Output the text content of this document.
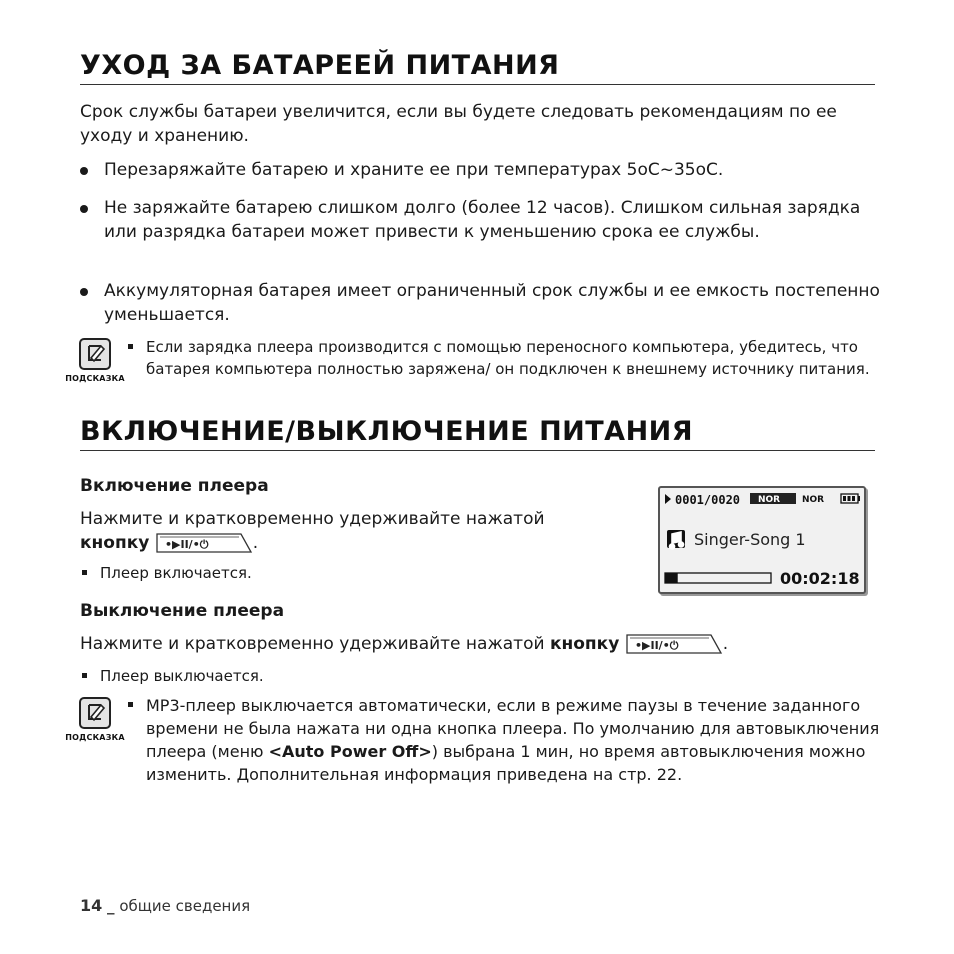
УХОД ЗА БАТАРЕЕЙ ПИТАНИЯ
Срок службы батареи увеличится, если вы будете следовать рекомендациям по ее уходу и хранению.
Перезаряжайте батарею и храните ее при температурах 5oC~35oC.
Не заряжайте батарею слишком долго (более 12 часов). Слишком сильная зарядка или разрядка батареи может привести к уменьшению срока ее службы.
Аккумуляторная батарея имеет ограниченный срок службы и ее емкость постепенно уменьшается.
ПОДСКАЗКА
Если зарядка плеера производится с помощью переносного компьютера, убедитесь, что батарея компьютера полностью заряжена/ он подключен к внешнему источнику питания.
ВКЛЮЧЕНИЕ/ВЫКЛЮЧЕНИЕ ПИТАНИЯ
Включение плеера
Нажмите и кратковременно удерживайте нажатой
кнопку •▶II/•⏻	.
Плеер включается.
0001/0020 NOR NOR
Singer-Song 1
00:02:18
Выключение плеера
Нажмите и кратковременно удерживайте нажатой кнопку •▶II/•⏻	.
Плеер выключается.
ПОДСКАЗКА
MP3-плеер выключается автоматически, если в режиме паузы в течение заданного времени не была нажата ни одна кнопка плеера. По умолчанию для автовыключения плеера (меню <Auto Power Off>) выбрана 1 мин, но время автовыключения можно изменить. Дополнительная информация приведена на стр. 22.
14 _ общие сведения
